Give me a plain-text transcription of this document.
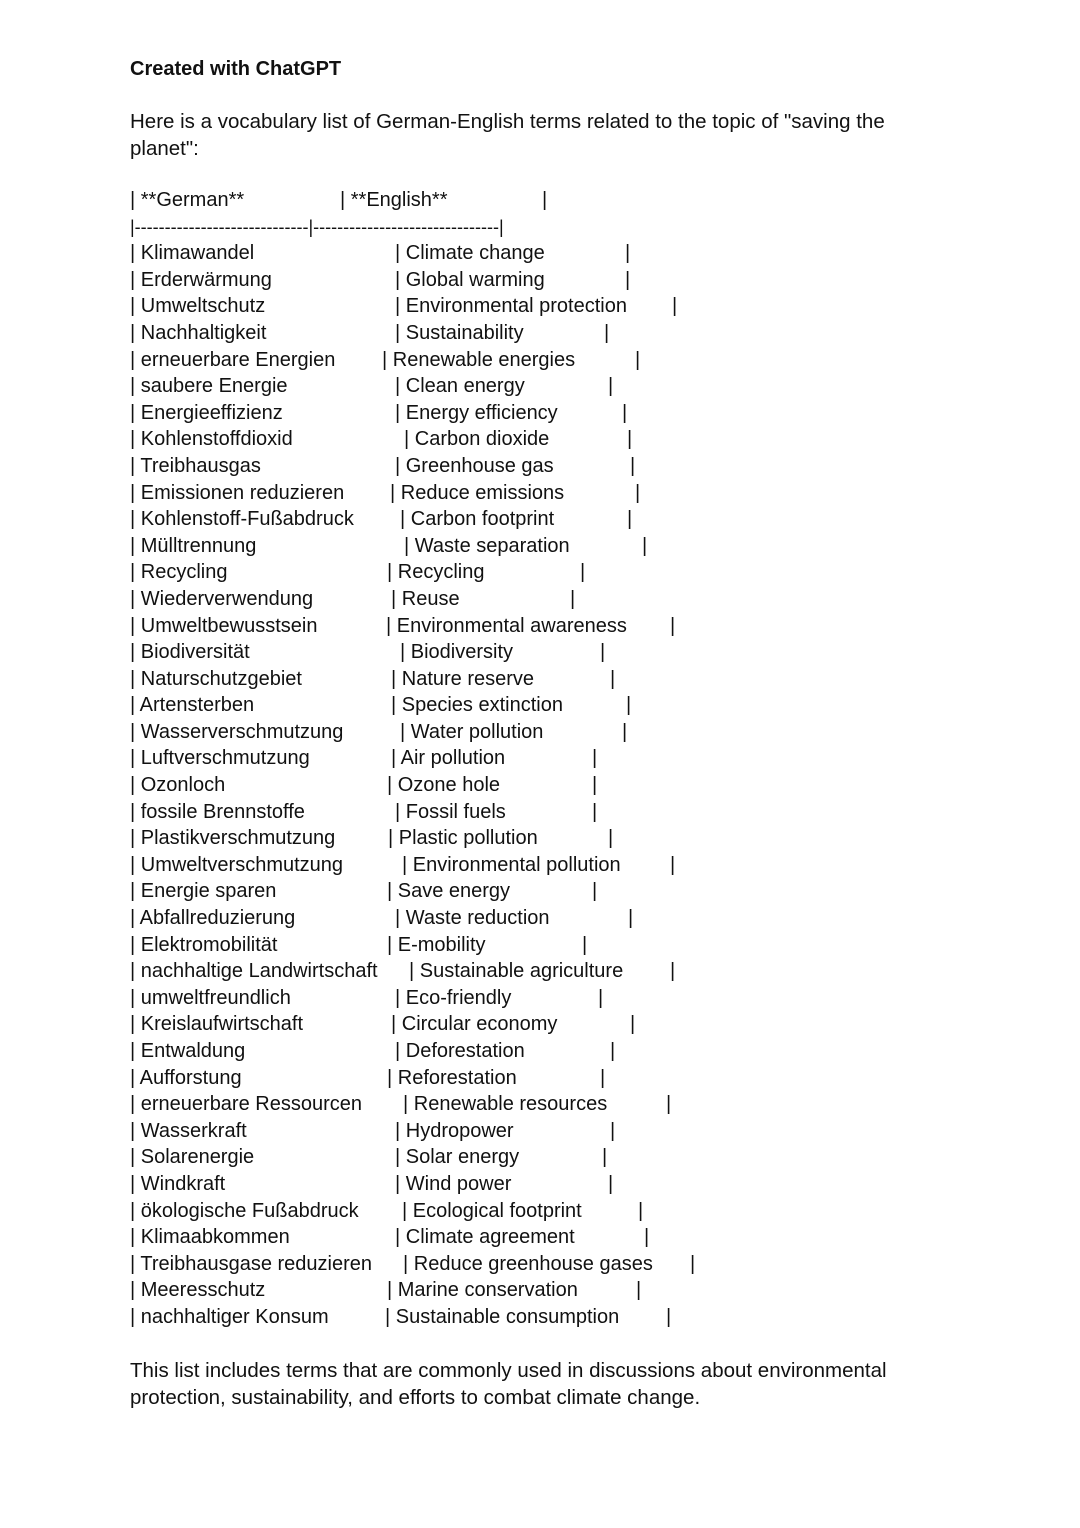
Created with ChatGPT
Here is a vocabulary list of German-English terms related to the topic of "saving the planet":
| **German**	| **English**	|
|-----------------------------|-------------------------------|
| Klimawandel	| Climate change	|
| Erderwärmung	| Global warming	|
| Umweltschutz	| Environmental protection |
| Nachhaltigkeit	| Sustainability	|
| erneuerbare Energien | Renewable energies	|
| saubere Energie	| Clean energy	|
| Energieeffizienz	| Energy efficiency	|
| Kohlenstoffdioxid	| Carbon dioxide	|
| Treibhausgas	| Greenhouse gas	|
| Emissionen reduzieren | Reduce emissions	|
| Kohlenstoff-Fußabdruck | Carbon footprint	|
| Mülltrennung	| Waste separation	|
| Recycling	| Recycling	|
| Wiederverwendung	| Reuse	|
| Umweltbewusstsein	| Environmental awareness |
| Biodiversität	| Biodiversity	|
| Naturschutzgebiet	| Nature reserve	|
| Artensterben	| Species extinction	|
| Wasserverschmutzung	| Water pollution	|
| Luftverschmutzung	| Air pollution	|
| Ozonloch	| Ozone hole	|
| fossile Brennstoffe	| Fossil fuels	|
| Plastikverschmutzung	| Plastic pollution	|
| Umweltverschmutzung	| Environmental pollution |
| Energie sparen	| Save energy	|
| Abfallreduzierung	| Waste reduction	|
| Elektromobilität	| E-mobility	|
| nachhaltige Landwirtschaft | Sustainable agriculture |
| umweltfreundlich	| Eco-friendly	|
| Kreislaufwirtschaft	| Circular economy	|
| Entwaldung	| Deforestation	|
| Aufforstung	| Reforestation	|
| erneuerbare Ressourcen | Renewable resources	|
| Wasserkraft	| Hydropower	|
| Solarenergie	| Solar energy	|
| Windkraft	| Wind power	|
| ökologische Fußabdruck | Ecological footprint	|
| Klimaabkommen	| Climate agreement	|
| Treibhausgase reduzieren | Reduce greenhouse gases |
| Meeresschutz	| Marine conservation	|
| nachhaltiger Konsum	| Sustainable consumption |
This list includes terms that are commonly used in discussions about environmental protection, sustainability, and efforts to combat climate change.
